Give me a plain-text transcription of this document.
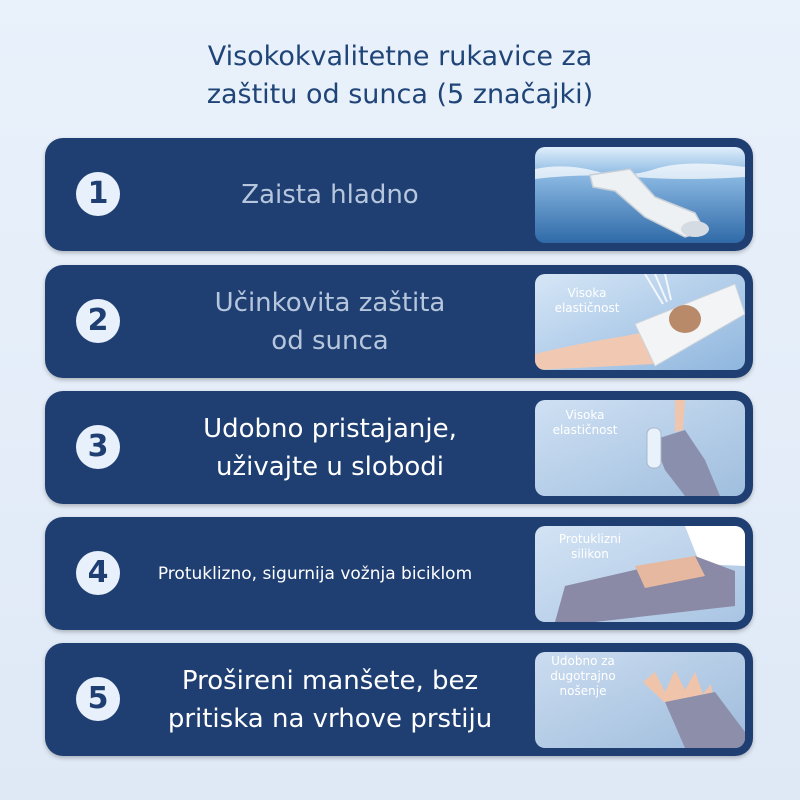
Visokokvalitetne rukavice za
zaštitu od sunca (5 značajki)
1	Zaista hladno
2
Učinkovita zaštita
od sunca
Visoka
elastičnost
3
Udobno pristajanje,
uživajte u slobodi
Visoka
elastičnost
4	Protuklizno, sigurnija vožnja biciklom
Protuklizni
silikon
5
Prošireni manšete, bez
pritiska na vrhove prstiju
Udobno za
dugotrajno
nošenje
